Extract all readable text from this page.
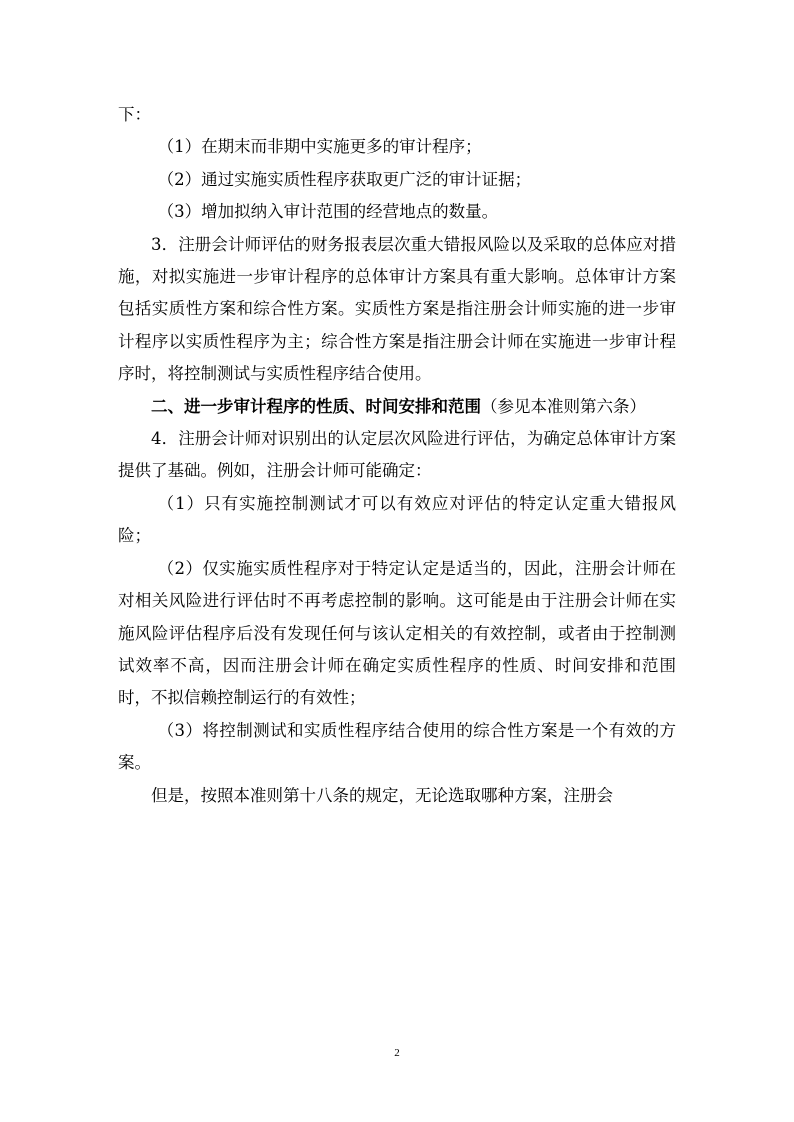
下：

（1）在期末而非期中实施更多的审计程序；

（2）通过实施实质性程序获取更广泛的审计证据；

（3）增加拟纳入审计范围的经营地点的数量。

3．注册会计师评估的财务报表层次重大错报风险以及采取的总体应对措施，对拟实施进一步审计程序的总体审计方案具有重大影响。总体审计方案包括实质性方案和综合性方案。实质性方案是指注册会计师实施的进一步审计程序以实质性程序为主；综合性方案是指注册会计师在实施进一步审计程序时，将控制测试与实质性程序结合使用。

二、进一步审计程序的性质、时间安排和范围（参见本准则第六条）

4．注册会计师对识别出的认定层次风险进行评估，为确定总体审计方案提供了基础。例如，注册会计师可能确定：

（1）只有实施控制测试才可以有效应对评估的特定认定重大错报风险；

（2）仅实施实质性程序对于特定认定是适当的，因此，注册会计师在对相关风险进行评估时不再考虑控制的影响。这可能是由于注册会计师在实施风险评估程序后没有发现任何与该认定相关的有效控制，或者由于控制测试效率不高，因而注册会计师在确定实质性程序的性质、时间安排和范围时，不拟信赖控制运行的有效性；

（3）将控制测试和实质性程序结合使用的综合性方案是一个有效的方案。

但是，按照本准则第十八条的规定，无论选取哪种方案，注册会

2
